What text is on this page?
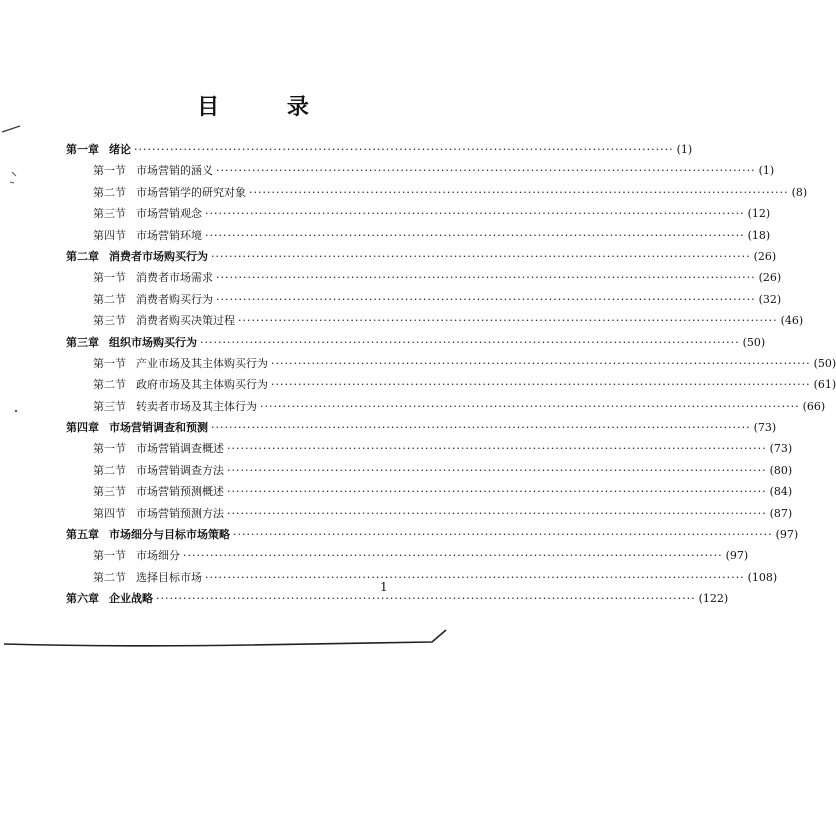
目 录
第一章 绪论 ························································································································ (1)
第一节 市场营销的涵义 ························································································································ (1)
第二节 市场营销学的研究对象 ························································································································ (8)
第三节 市场营销观念 ························································································································ (12)
第四节 市场营销环境 ························································································································ (18)
第二章 消费者市场购买行为 ························································································································ (26)
第一节 消费者市场需求 ························································································································ (26)
第二节 消费者购买行为 ························································································································ (32)
第三节 消费者购买决策过程 ························································································································ (46)
第三章 组织市场购买行为 ························································································································ (50)
第一节 产业市场及其主体购买行为 ························································································································ (50)
第二节 政府市场及其主体购买行为 ························································································································ (61)
第三节 转卖者市场及其主体行为 ························································································································ (66)
第四章 市场营销调查和预测 ························································································································ (73)
第一节 市场营销调查概述 ························································································································ (73)
第二节 市场营销调查方法 ························································································································ (80)
第三节 市场营销预测概述 ························································································································ (84)
第四节 市场营销预测方法 ························································································································ (87)
第五章 市场细分与目标市场策略 ························································································································ (97)
第一节 市场细分 ························································································································ (97)
第二节 选择目标市场 ························································································································ (108)
第六章 企业战略 ························································································································ (122)
1
